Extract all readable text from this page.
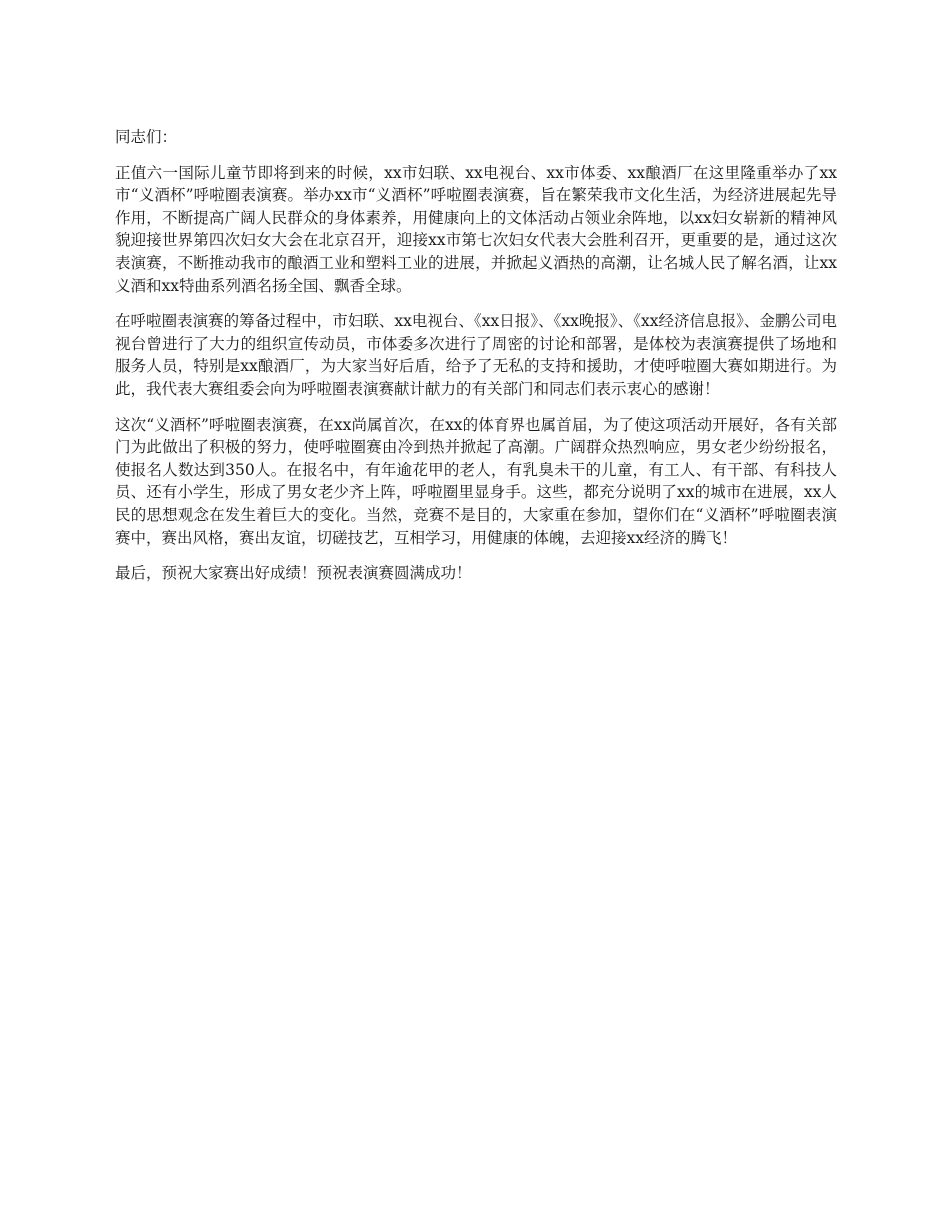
同志们：

正值六一国际儿童节即将到来的时候，xx市妇联、xx电视台、xx市体委、xx酿酒厂在这里隆重举办了xx市“义酒杯”呼啦圈表演赛。举办xx市“义酒杯”呼啦圈表演赛，旨在繁荣我市文化生活，为经济进展起先导作用，不断提高广阔人民群众的身体素养，用健康向上的文体活动占领业余阵地，以xx妇女崭新的精神风貌迎接世界第四次妇女大会在北京召开，迎接xx市第七次妇女代表大会胜利召开，更重要的是，通过这次表演赛，不断推动我市的酿酒工业和塑料工业的进展，并掀起义酒热的高潮，让名城人民了解名酒，让xx义酒和xx特曲系列酒名扬全国、飘香全球。

在呼啦圈表演赛的筹备过程中，市妇联、xx电视台、《xx日报》、《xx晚报》、《xx经济信息报》、金鹏公司电视台曾进行了大力的组织宣传动员，市体委多次进行了周密的讨论和部署，是体校为表演赛提供了场地和服务人员，特别是xx酿酒厂，为大家当好后盾，给予了无私的支持和援助，才使呼啦圈大赛如期进行。为此，我代表大赛组委会向为呼啦圈表演赛献计献力的有关部门和同志们表示衷心的感谢！

这次“义酒杯”呼啦圈表演赛，在xx尚属首次，在xx的体育界也属首届，为了使这项活动开展好，各有关部门为此做出了积极的努力，使呼啦圈赛由冷到热并掀起了高潮。广阔群众热烈响应，男女老少纷纷报名，使报名人数达到350人。在报名中，有年逾花甲的老人，有乳臭未干的儿童，有工人、有干部、有科技人员、还有小学生，形成了男女老少齐上阵，呼啦圈里显身手。这些，都充分说明了xx的城市在进展，xx人民的思想观念在发生着巨大的变化。当然，竞赛不是目的，大家重在参加，望你们在“义酒杯”呼啦圈表演赛中，赛出风格，赛出友谊，切磋技艺，互相学习，用健康的体魄，去迎接xx经济的腾飞！

最后，预祝大家赛出好成绩！预祝表演赛圆满成功！
